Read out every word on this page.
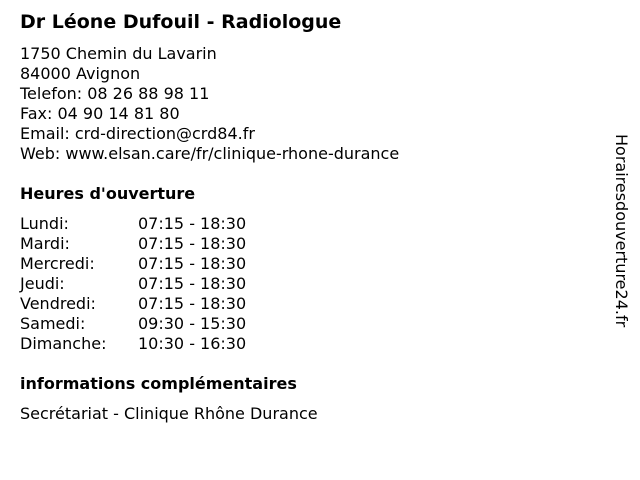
Dr Léone Dufouil - Radiologue
1750 Chemin du Lavarin
84000 Avignon
Telefon: 08 26 88 98 11
Fax: 04 90 14 81 80
Email: crd-direction@crd84.fr
Web: www.elsan.care/fr/clinique-rhone-durance
Heures d'ouverture
Lundi:	07:15 - 18:30
Mardi:	07:15 - 18:30
Mercredi:	07:15 - 18:30
Jeudi:	07:15 - 18:30
Vendredi:	07:15 - 18:30
Samedi:	09:30 - 15:30
Dimanche:	10:30 - 16:30
informations complémentaires
Secrétariat - Clinique Rhône Durance
Horairesdouverture24.fr
